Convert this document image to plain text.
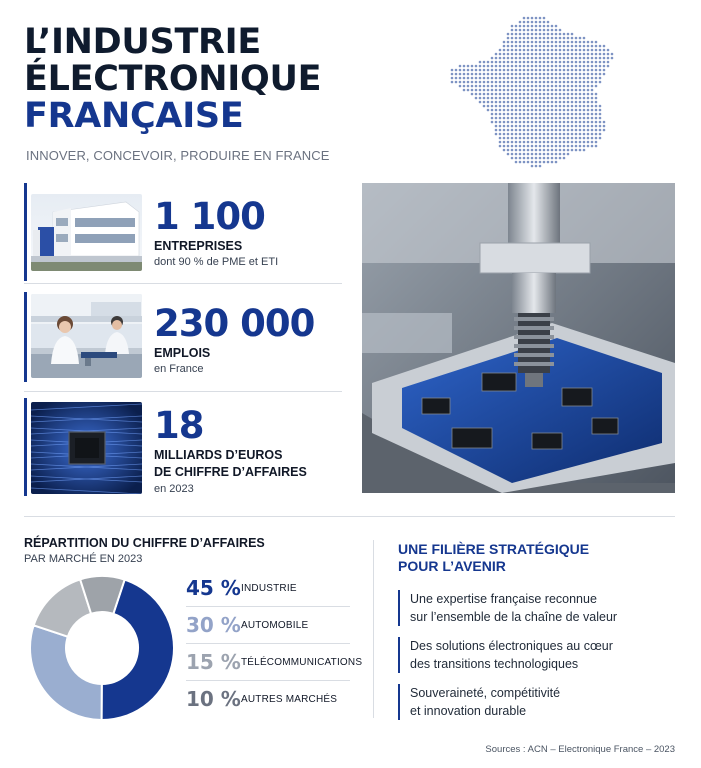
L’INDUSTRIE
ÉLECTRONIQUE
FRANÇAISE
INNOVER, CONCEVOIR, PRODUIRE EN FRANCE
1 100
ENTREPRISES
dont 90 % de PME et ETI
230 000
EMPLOIS
en France
18
MILLIARDS D’EUROS
DE CHIFFRE D’AFFAIRES
en 2023
RÉPARTITION DU CHIFFRE D’AFFAIRES
PAR MARCHÉ EN 2023
45 % INDUSTRIE
30 % AUTOMOBILE
15 % TÉLÉCOMMUNICATIONS
10 % AUTRES MARCHÉS
UNE FILIÈRE STRATÉGIQUE
POUR L’AVENIR
Une expertise française reconnue
sur l’ensemble de la chaîne de valeur
Des solutions électroniques au cœur
des transitions technologiques
Souveraineté, compétitivité
et innovation durable
Sources : ACN – Electronique France – 2023
